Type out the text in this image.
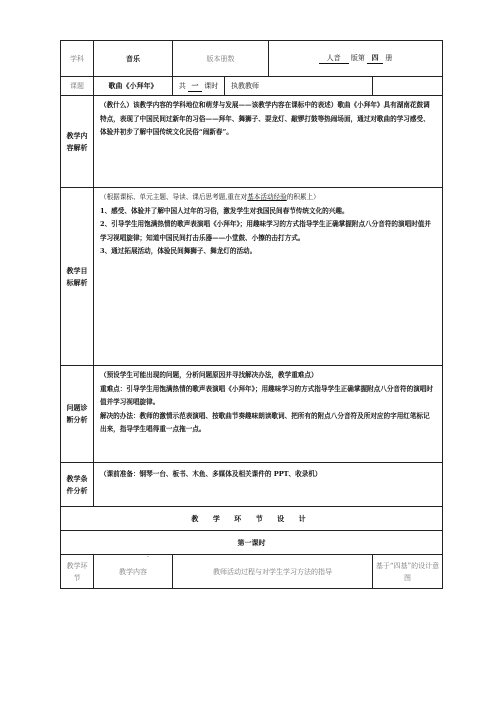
学科	音乐	版本册数		人音 版第 四 册	
课题	歌曲《小拜年》	共 一 课时	执教教师		
教学内容解析	（教什么）该教学内容的学科地位和萌芽与发展——该教学内容在课标中的表述）歌曲《小拜年》具有湖南花鼓调特点，表现了中国民间过新年的习俗——拜年、舞狮子、耍龙灯、敲锣打鼓等热闹场面，通过对歌曲的学习感受、体验并初步了解中国传统文化民俗“闹新春”。				
教学目标解析	（根据课标、单元主题、导读、课后思考题,重在对基本活动经验的积累上）

1、感受、体验并了解中国人过年的习俗，激发学生对我国民间春节传统文化的兴趣。

2、引导学生用饱满热情的歌声表演唱《小拜年》；用趣味学习的方式指导学生正确掌握附点八分音符的演唱时值并学习视唱旋律；知道中国民间打击乐器——小堂鼓、小擦的击打方式。

3、通过拓展活动，体验民间舞狮子、舞龙灯的活动。				

问题诊断分析	（预设学生可能出现的问题，分析问题原因并寻找解决办法，教学重难点）

重难点：引导学生用饱满热情的歌声表演唱《小拜年》；用趣味学习的方式指导学生正确掌握附点八分音符的演唱时值并学习视唱旋律。

解决的办法：教师的激情示范表演唱、按歌曲节奏趣味朗读歌词、把所有的附点八分音符及所对应的字用红笔标记出来，指导学生唱得重一点拖一点。				

教学条件分析	（课前准备：钢琴一台、板书、木鱼、多媒体及相关课件的 PPT、收录机）				
教 学 环 节 设 计					
第一课时					
教学环节	教学内容	教师活动过程与对学生学习方法的指导			基于“四基”的设计意图
·
